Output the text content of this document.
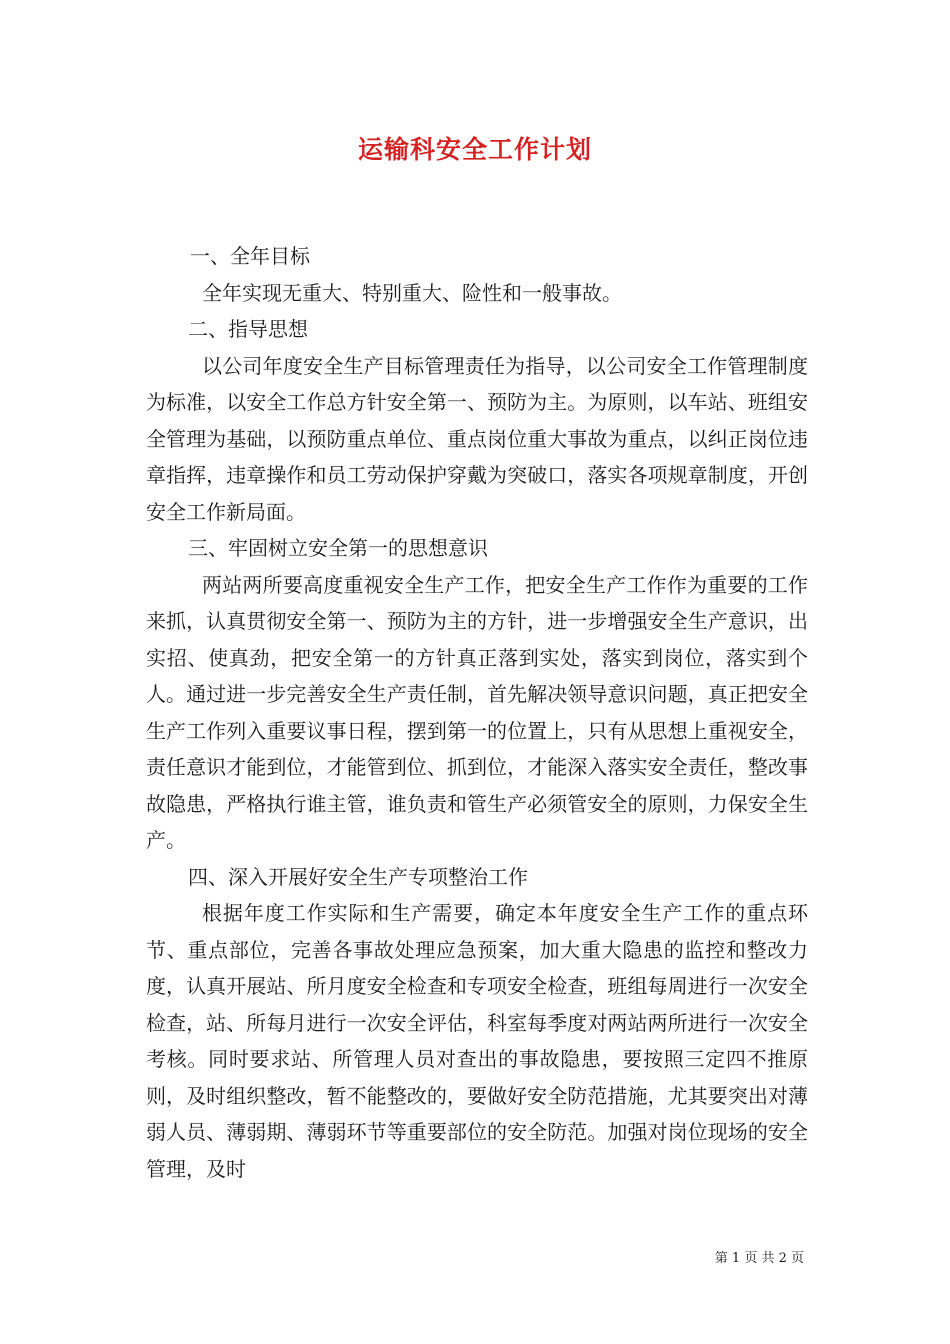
运输科安全工作计划

一、全年目标

全年实现无重大、特别重大、险性和一般事故。

二、指导思想

以公司年度安全生产目标管理责任为指导，以公司安全工作管理制度为标准，以安全工作总方针安全第一、预防为主。为原则，以车站、班组安全管理为基础，以预防重点单位、重点岗位重大事故为重点，以纠正岗位违章指挥，违章操作和员工劳动保护穿戴为突破口，落实各项规章制度，开创安全工作新局面。

三、牢固树立安全第一的思想意识

两站两所要高度重视安全生产工作，把安全生产工作作为重要的工作来抓，认真贯彻安全第一、预防为主的方针，进一步增强安全生产意识，出实招、使真劲，把安全第一的方针真正落到实处，落实到岗位，落实到个人。通过进一步完善安全生产责任制，首先解决领导意识问题，真正把安全生产工作列入重要议事日程，摆到第一的位置上，只有从思想上重视安全，责任意识才能到位，才能管到位、抓到位，才能深入落实安全责任，整改事故隐患，严格执行谁主管，谁负责和管生产必须管安全的原则，力保安全生产。

四、深入开展好安全生产专项整治工作

根据年度工作实际和生产需要，确定本年度安全生产工作的重点环节、重点部位，完善各事故处理应急预案，加大重大隐患的监控和整改力度，认真开展站、所月度安全检查和专项安全检查，班组每周进行一次安全检查，站、所每月进行一次安全评估，科室每季度对两站两所进行一次安全考核。同时要求站、所管理人员对查出的事故隐患，要按照三定四不推原则，及时组织整改，暂不能整改的，要做好安全防范措施，尤其要突出对薄弱人员、薄弱期、薄弱环节等重要部位的安全防范。加强对岗位现场的安全管理，及时

第 1 页 共 2 页
